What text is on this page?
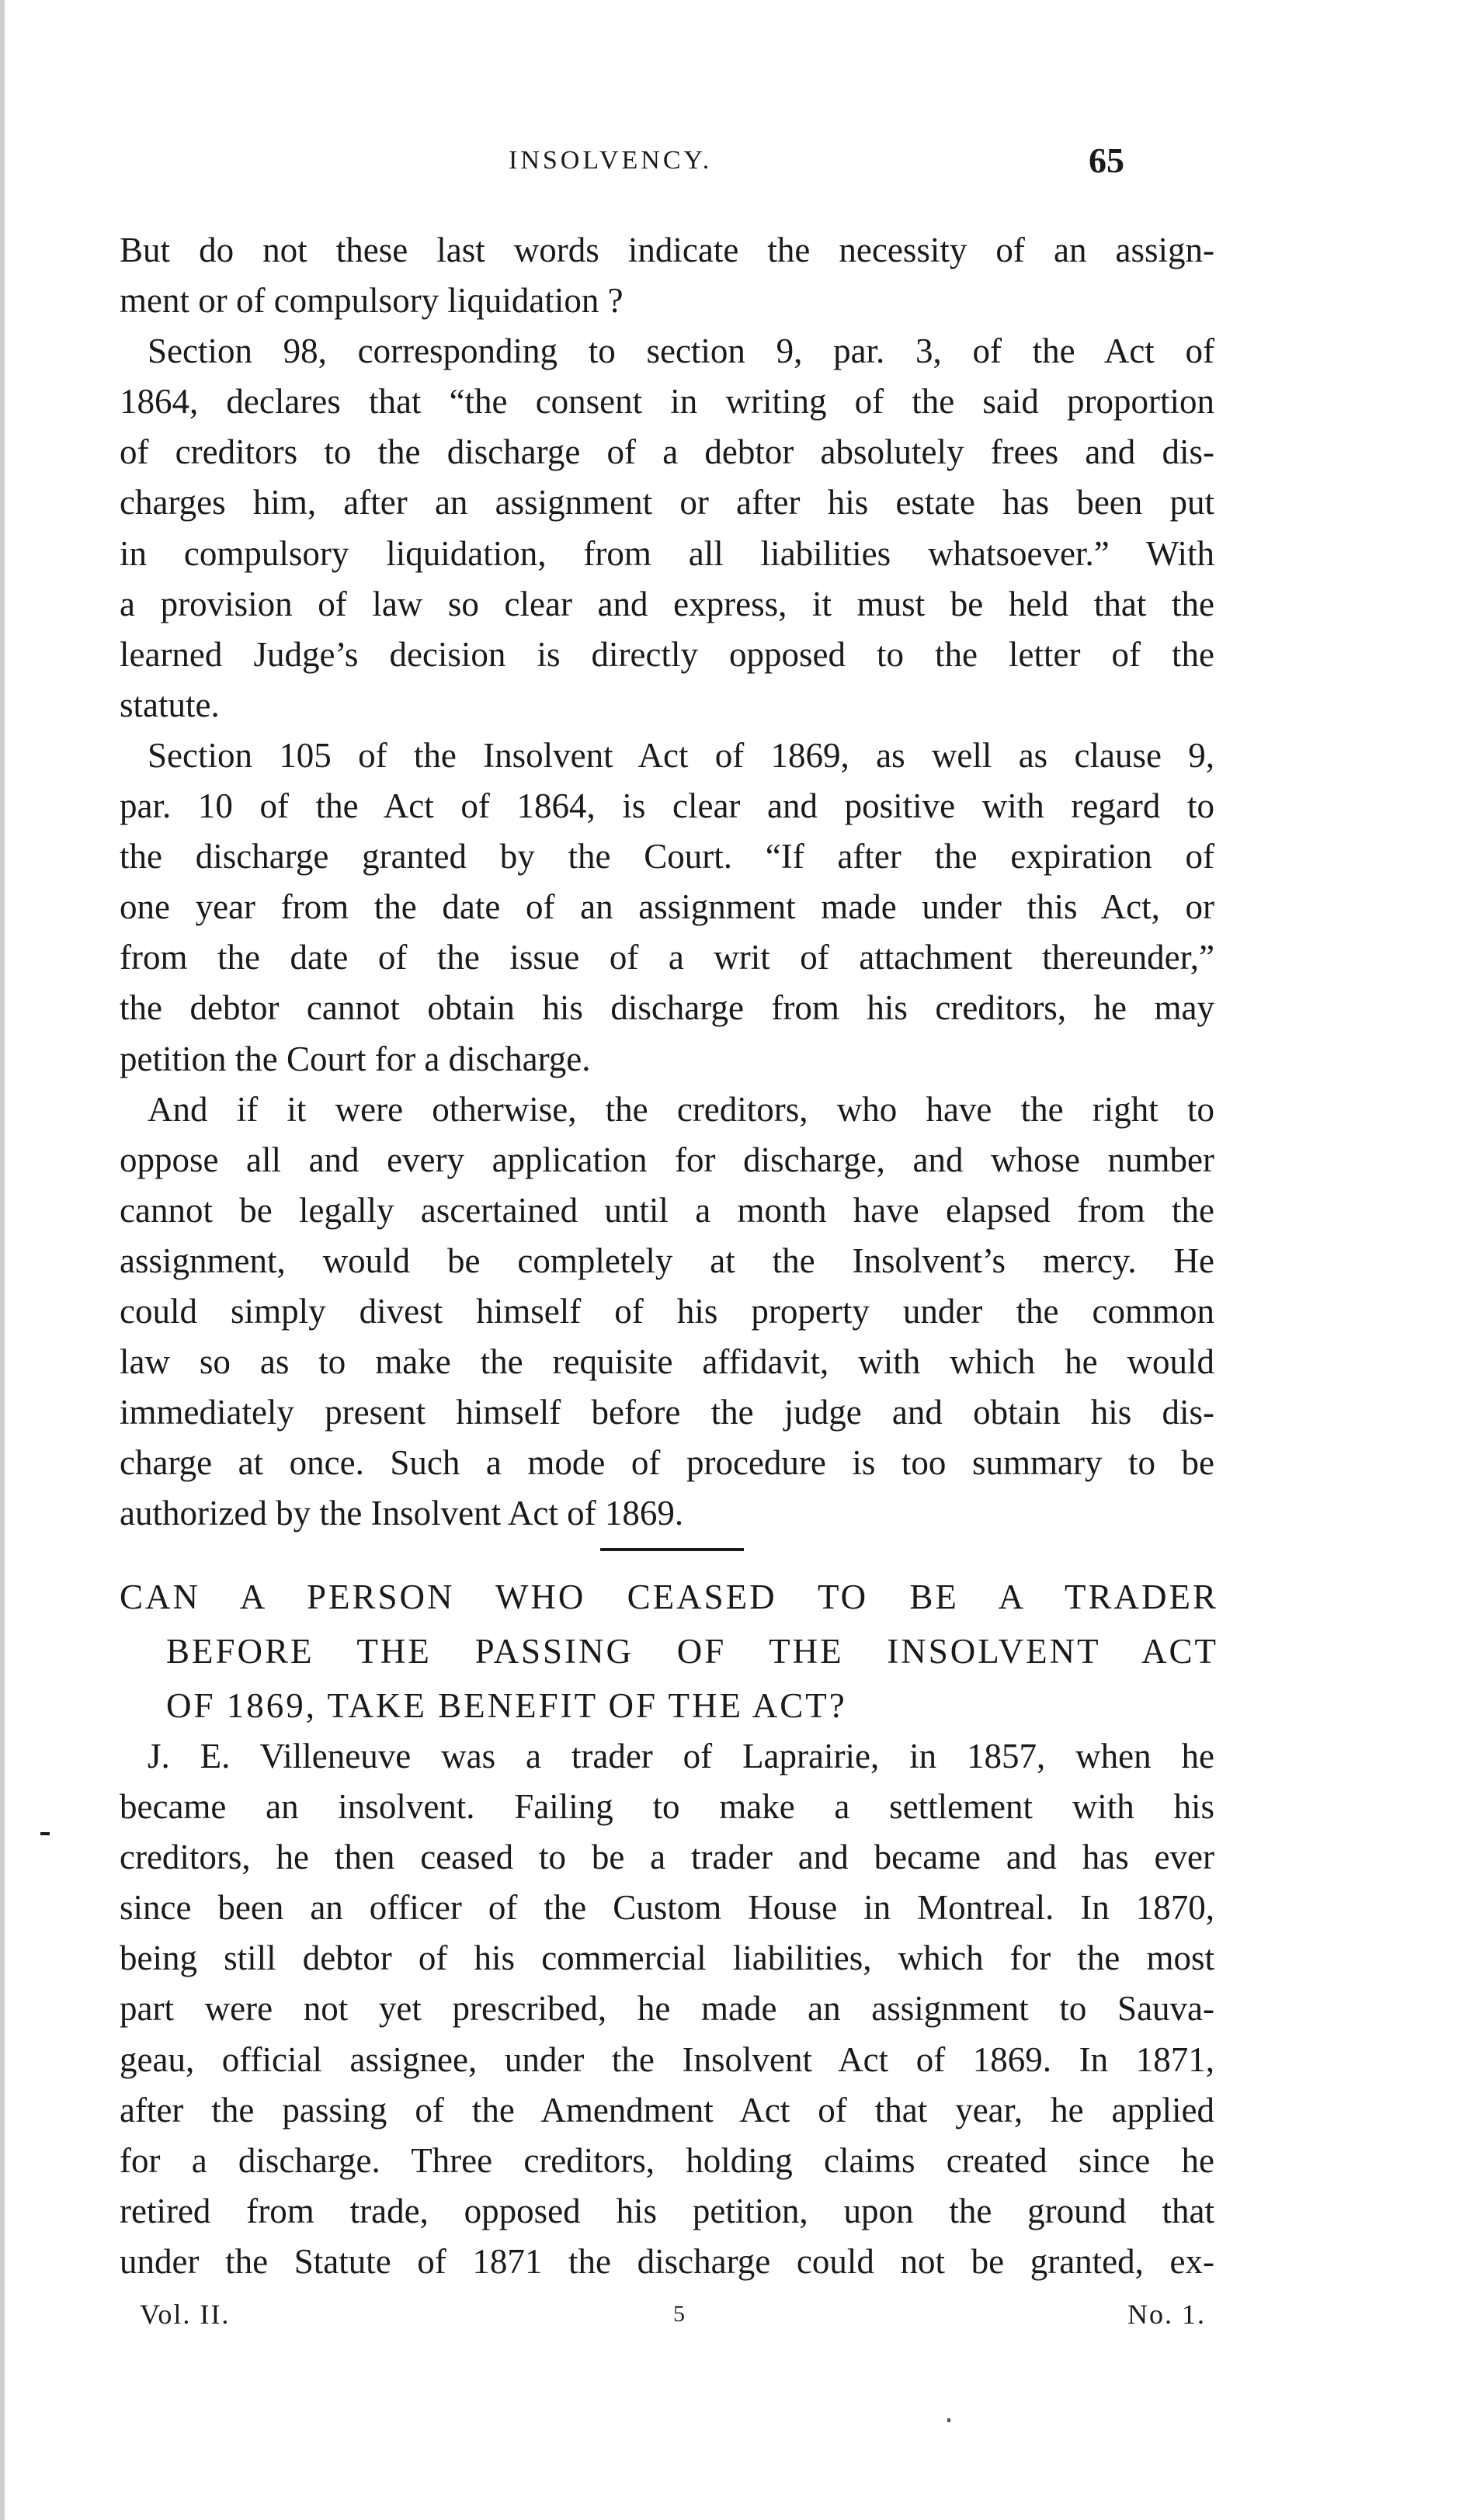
INSOLVENCY.	65
But do not these last words indicate the necessity of an assign-
ment or of compulsory liquidation ?
Section 98, corresponding to section 9, par. 3, of the Act of
1864, declares that “the consent in writing of the said proportion
of creditors to the discharge of a debtor absolutely frees and dis-
charges him, after an assignment or after his estate has been put
in compulsory liquidation, from all liabilities whatsoever.” With
a provision of law so clear and express, it must be held that the
learned Judge’s decision is directly opposed to the letter of the
statute.
Section 105 of the Insolvent Act of 1869, as well as clause 9,
par. 10 of the Act of 1864, is clear and positive with regard to
the discharge granted by the Court. “If after the expiration of
one year from the date of an assignment made under this Act, or
from the date of the issue of a writ of attachment thereunder,”
the debtor cannot obtain his discharge from his creditors, he may
petition the Court for a discharge.
And if it were otherwise, the creditors, who have the right to
oppose all and every application for discharge, and whose number
cannot be legally ascertained until a month have elapsed from the
assignment, would be completely at the Insolvent’s mercy. He
could simply divest himself of his property under the common
law so as to make the requisite affidavit, with which he would
immediately present himself before the judge and obtain his dis-
charge at once. Such a mode of procedure is too summary to be
authorized by the Insolvent Act of 1869.
CAN A PERSON WHO CEASED TO BE A TRADER
BEFORE THE PASSING OF THE INSOLVENT ACT
OF 1869, TAKE BENEFIT OF THE ACT?
J. E. Villeneuve was a trader of Laprairie, in 1857, when he
became an insolvent. Failing to make a settlement with his
creditors, he then ceased to be a trader and became and has ever
since been an officer of the Custom House in Montreal. In 1870,
being still debtor of his commercial liabilities, which for the most
part were not yet prescribed, he made an assignment to Sauva-
geau, official assignee, under the Insolvent Act of 1869. In 1871,
after the passing of the Amendment Act of that year, he applied
for a discharge. Three creditors, holding claims created since he
retired from trade, opposed his petition, upon the ground that
under the Statute of 1871 the discharge could not be granted, ex-
Vol. II.	5	No. 1.
